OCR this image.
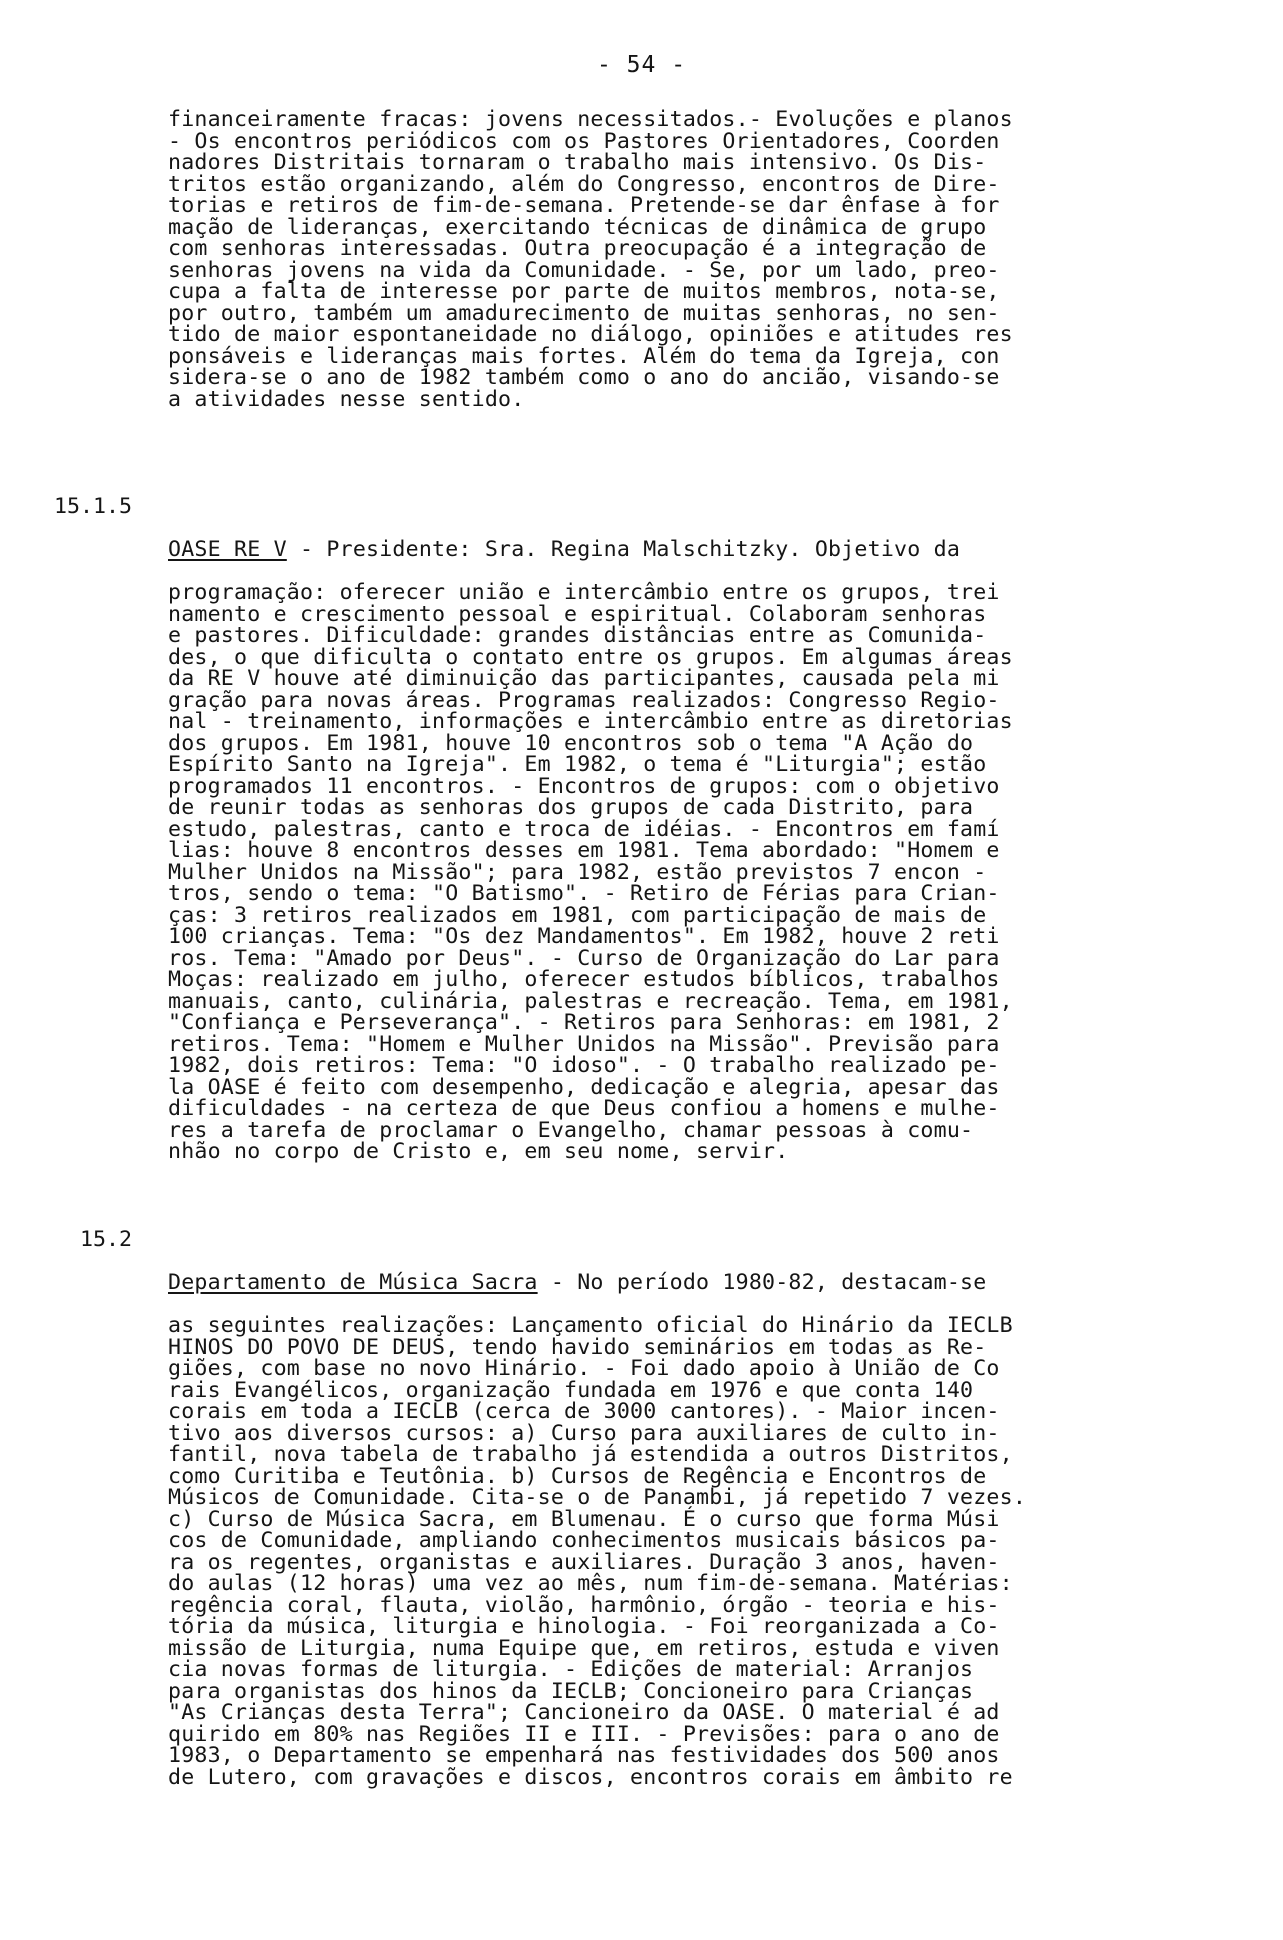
- 54 -
financeiramente fracas: jovens necessitados.- Evoluções e planos
- Os encontros periódicos com os Pastores Orientadores, Coorden
nadores Distritais tornaram o trabalho mais intensivo. Os Dis-
tritos estão organizando, além do Congresso, encontros de Dire-
torias e retiros de fim-de-semana. Pretende-se dar ênfase à for
mação de lideranças, exercitando técnicas de dinâmica de grupo
com senhoras interessadas. Outra preocupação é a integração de
senhoras jovens na vida da Comunidade. - Se, por um lado, preo-
cupa a falta de interesse por parte de muitos membros, nota-se,
por outro, também um amadurecimento de muitas senhoras, no sen-
tido de maior espontaneidade no diálogo, opiniões e atitudes res
ponsáveis e lideranças mais fortes. Além do tema da Igreja, con
sidera-se o ano de 1982 também como o ano do ancião, visando-se
a atividades nesse sentido.
15.1.5

OASE RE V - Presidente: Sra. Regina Malschitzky. Objetivo da

programação: oferecer união e intercâmbio entre os grupos, trei
namento e crescimento pessoal e espiritual. Colaboram senhoras
e pastores. Dificuldade: grandes distâncias entre as Comunida-
des, o que dificulta o contato entre os grupos. Em algumas áreas
da RE V houve até diminuição das participantes, causada pela mi
gração para novas áreas. Programas realizados: Congresso Regio-
nal - treinamento, informações e intercâmbio entre as diretorias
dos grupos. Em 1981, houve 10 encontros sob o tema "A Ação do
Espírito Santo na Igreja". Em 1982, o tema é "Liturgia"; estão
programados 11 encontros. - Encontros de grupos: com o objetivo
de reunir todas as senhoras dos grupos de cada Distrito, para
estudo, palestras, canto e troca de idéias. - Encontros em famí
lias: houve 8 encontros desses em 1981. Tema abordado: "Homem e
Mulher Unidos na Missão"; para 1982, estão previstos 7 encon -
tros, sendo o tema: "O Batismo". - Retiro de Férias para Crian-
ças: 3 retiros realizados em 1981, com participação de mais de
100 crianças. Tema: "Os dez Mandamentos". Em 1982, houve 2 reti
ros. Tema: "Amado por Deus". - Curso de Organização do Lar para
Moças: realizado em julho, oferecer estudos bíblicos, trabalhos
manuais, canto, culinária, palestras e recreação. Tema, em 1981,
"Confiança e Perseverança". - Retiros para Senhoras: em 1981, 2
retiros. Tema: "Homem e Mulher Unidos na Missão". Previsão para
1982, dois retiros: Tema: "O idoso". - O trabalho realizado pe-
la OASE é feito com desempenho, dedicação e alegria, apesar das
dificuldades - na certeza de que Deus confiou a homens e mulhe-
res a tarefa de proclamar o Evangelho, chamar pessoas à comu-
nhão no corpo de Cristo e, em seu nome, servir.
15.2

Departamento de Música Sacra - No período 1980-82, destacam-se

as seguintes realizações: Lançamento oficial do Hinário da IECLB
HINOS DO POVO DE DEUS, tendo havido seminários em todas as Re-
giões, com base no novo Hinário. - Foi dado apoio à União de Co
rais Evangélicos, organização fundada em 1976 e que conta 140
corais em toda a IECLB (cerca de 3000 cantores). - Maior incen-
tivo aos diversos cursos: a) Curso para auxiliares de culto in-
fantil, nova tabela de trabalho já estendida a outros Distritos,
como Curitiba e Teutônia. b) Cursos de Regência e Encontros de
Músicos de Comunidade. Cita-se o de Panambi, já repetido 7 vezes.
c) Curso de Música Sacra, em Blumenau. É o curso que forma Músi
cos de Comunidade, ampliando conhecimentos musicais básicos pa-
ra os regentes, organistas e auxiliares. Duração 3 anos, haven-
do aulas (12 horas) uma vez ao mês, num fim-de-semana. Matérias:
regência coral, flauta, violão, harmônio, órgão - teoria e his-
tória da música, liturgia e hinologia. - Foi reorganizada a Co-
missão de Liturgia, numa Equipe que, em retiros, estuda e viven
cia novas formas de liturgia. - Edições de material: Arranjos
para organistas dos hinos da IECLB; Concioneiro para Crianças
"As Crianças desta Terra"; Cancioneiro da OASE. O material é ad
quirido em 80% nas Regiões II e III. - Previsões: para o ano de
1983, o Departamento se empenhará nas festividades dos 500 anos
de Lutero, com gravações e discos, encontros corais em âmbito re
